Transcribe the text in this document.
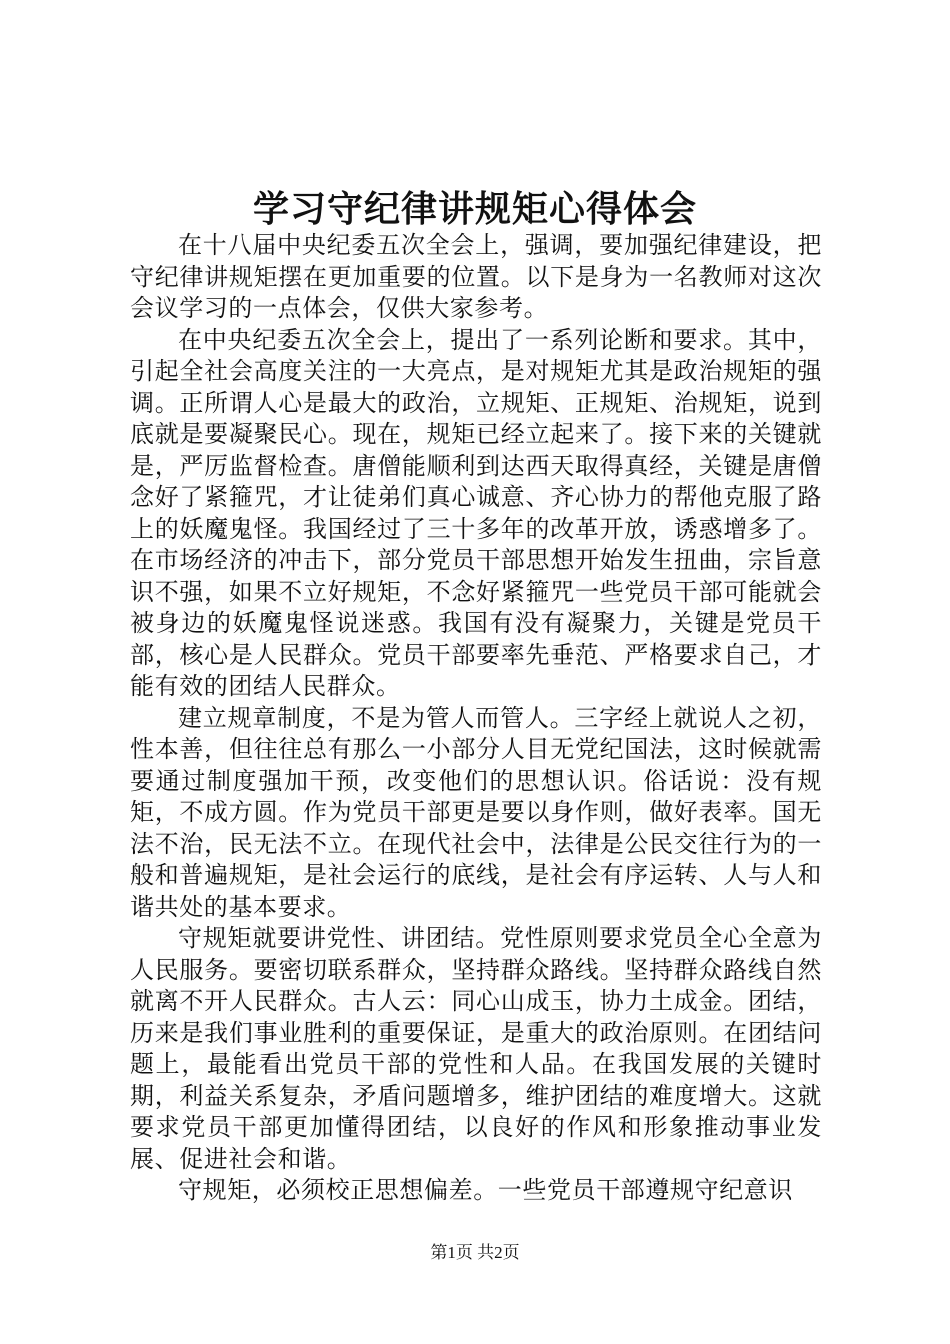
学习守纪律讲规矩心得体会

在十八届中央纪委五次全会上，强调，要加强纪律建设，把守纪律讲规矩摆在更加重要的位置。以下是身为一名教师对这次会议学习的一点体会，仅供大家参考。

在中央纪委五次全会上，提出了一系列论断和要求。其中，引起全社会高度关注的一大亮点，是对规矩尤其是政治规矩的强调。正所谓人心是最大的政治，立规矩、正规矩、治规矩，说到底就是要凝聚民心。现在，规矩已经立起来了。接下来的关键就是，严厉监督检查。唐僧能顺利到达西天取得真经，关键是唐僧念好了紧箍咒，才让徒弟们真心诚意、齐心协力的帮他克服了路上的妖魔鬼怪。我国经过了三十多年的改革开放，诱惑增多了。在市场经济的冲击下，部分党员干部思想开始发生扭曲，宗旨意识不强，如果不立好规矩，不念好紧箍咒一些党员干部可能就会被身边的妖魔鬼怪说迷惑。我国有没有凝聚力，关键是党员干部，核心是人民群众。党员干部要率先垂范、严格要求自己，才能有效的团结人民群众。

建立规章制度，不是为管人而管人。三字经上就说人之初，性本善，但往往总有那么一小部分人目无党纪国法，这时候就需要通过制度强加干预，改变他们的思想认识。俗话说：没有规矩，不成方圆。作为党员干部更是要以身作则，做好表率。国无法不治，民无法不立。在现代社会中，法律是公民交往行为的一般和普遍规矩，是社会运行的底线，是社会有序运转、人与人和谐共处的基本要求。

守规矩就要讲党性、讲团结。党性原则要求党员全心全意为人民服务。要密切联系群众，坚持群众路线。坚持群众路线自然就离不开人民群众。古人云：同心山成玉，协力土成金。团结，历来是我们事业胜利的重要保证，是重大的政治原则。在团结问题上，最能看出党员干部的党性和人品。在我国发展的关键时期，利益关系复杂，矛盾问题增多，维护团结的难度增大。这就要求党员干部更加懂得团结，以良好的作风和形象推动事业发展、促进社会和谐。

守规矩，必须校正思想偏差。一些党员干部遵规守纪意识

第1页 共2页
